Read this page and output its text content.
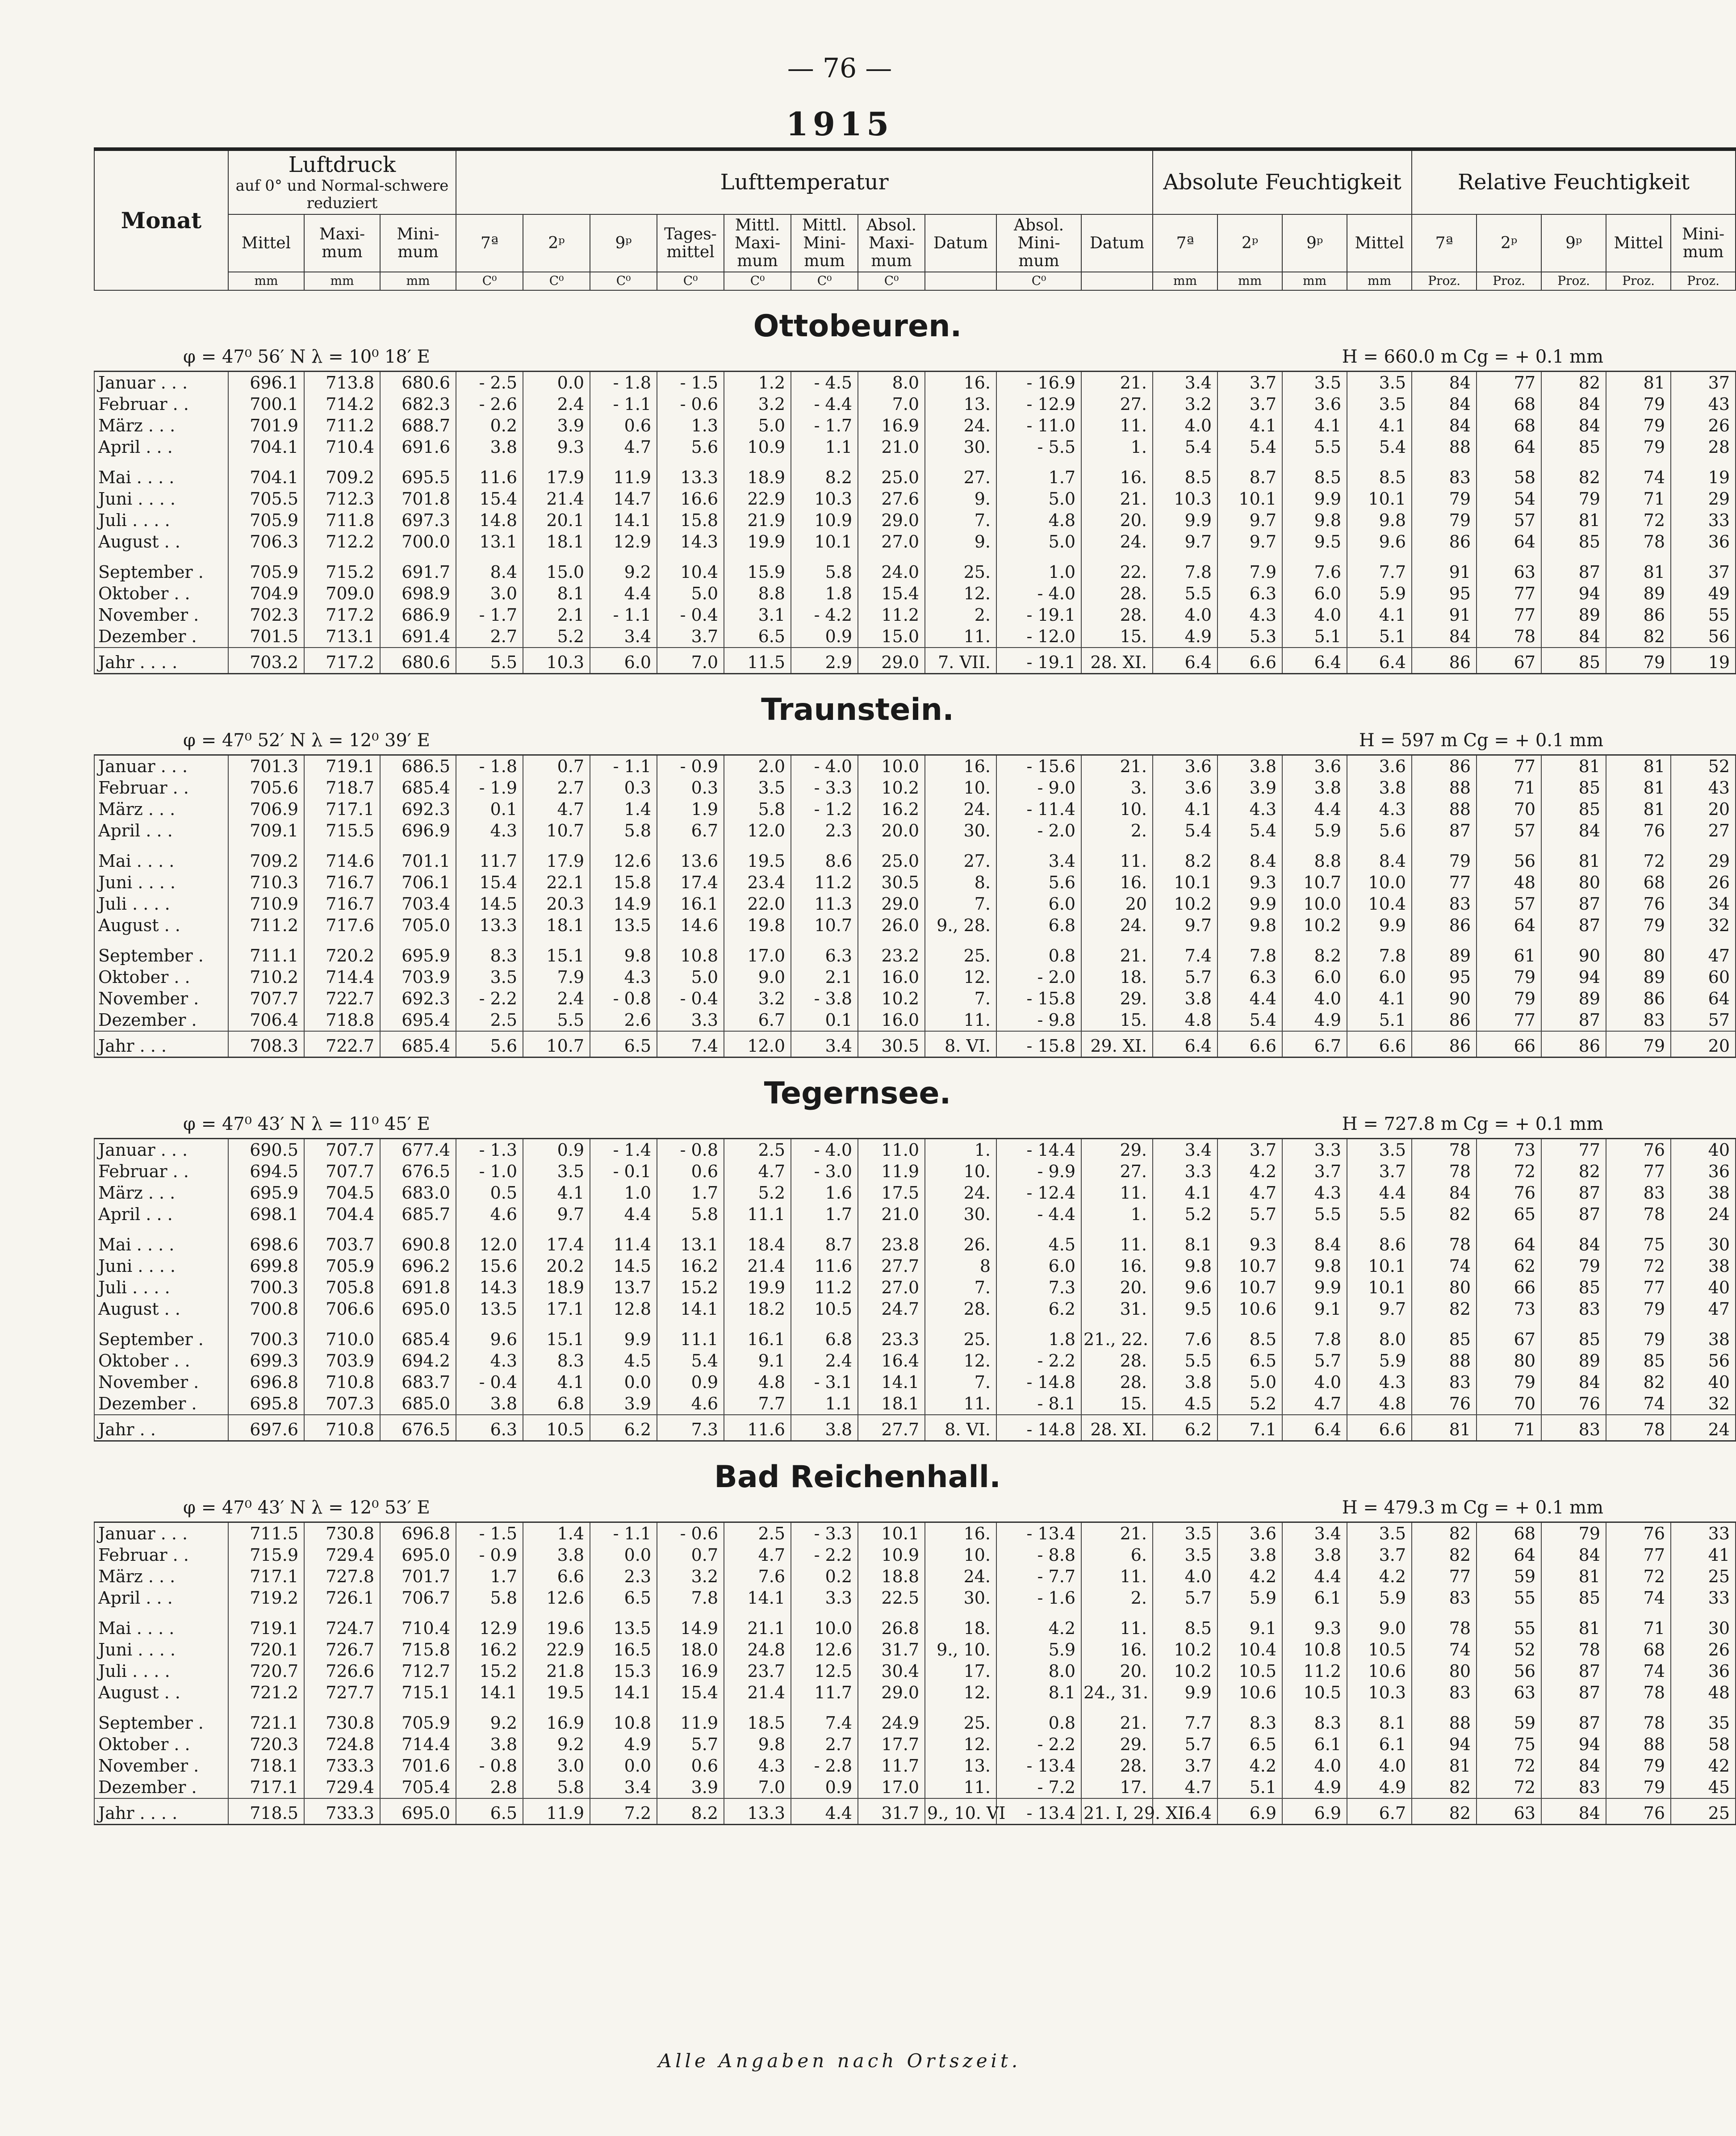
— 76 —
1915
Monat	Luftdruck
auf 0° und Normal-schwere reduziert			Lufttemperatur										Absolute Feuchtigkeit				Relative Feuchtigkeit				
	Mittel	Maxi-mum	Mini-mum	7ª	2ᵖ	9ᵖ	Tages-mittel	Mittl. Maxi-mum	Mittl. Mini-mum	Absol. Maxi-mum	Datum	Absol. Mini-mum	Datum	7ª	2ᵖ	9ᵖ	Mittel	7ª	2ᵖ	9ᵖ	Mittel	Mini-mum
	mm	mm	mm	C⁰	C⁰	C⁰	C⁰	C⁰	C⁰	C⁰		C⁰		mm	mm	mm	mm	Proz.	Proz.	Proz.	Proz.	Proz.
Ottobeuren.
φ = 47⁰ 56′ N λ = 10⁰ 18′ E	H = 660.0 m Cg = + 0.1 mm
Januar . . .	696.1	713.8	680.6	- 2.5	0.0	- 1.8	- 1.5	1.2	- 4.5	8.0	16.	- 16.9	21.	3.4	3.7	3.5	3.5	84	77	82	81	37
Februar . .	700.1	714.2	682.3	- 2.6	2.4	- 1.1	- 0.6	3.2	- 4.4	7.0	13.	- 12.9	27.	3.2	3.7	3.6	3.5	84	68	84	79	43
März . . .	701.9	711.2	688.7	0.2	3.9	0.6	1.3	5.0	- 1.7	16.9	24.	- 11.0	11.	4.0	4.1	4.1	4.1	84	68	84	79	26
April . . .	704.1	710.4	691.6	3.8	9.3	4.7	5.6	10.9	1.1	21.0	30.	- 5.5	1.	5.4	5.4	5.5	5.4	88	64	85	79	28
Mai . . . .	704.1	709.2	695.5	11.6	17.9	11.9	13.3	18.9	8.2	25.0	27.	1.7	16.	8.5	8.7	8.5	8.5	83	58	82	74	19
Juni . . . .	705.5	712.3	701.8	15.4	21.4	14.7	16.6	22.9	10.3	27.6	9.	5.0	21.	10.3	10.1	9.9	10.1	79	54	79	71	29
Juli . . . .	705.9	711.8	697.3	14.8	20.1	14.1	15.8	21.9	10.9	29.0	7.	4.8	20.	9.9	9.7	9.8	9.8	79	57	81	72	33
August . .	706.3	712.2	700.0	13.1	18.1	12.9	14.3	19.9	10.1	27.0	9.	5.0	24.	9.7	9.7	9.5	9.6	86	64	85	78	36
September .	705.9	715.2	691.7	8.4	15.0	9.2	10.4	15.9	5.8	24.0	25.	1.0	22.	7.8	7.9	7.6	7.7	91	63	87	81	37
Oktober . .	704.9	709.0	698.9	3.0	8.1	4.4	5.0	8.8	1.8	15.4	12.	- 4.0	28.	5.5	6.3	6.0	5.9	95	77	94	89	49
November .	702.3	717.2	686.9	- 1.7	2.1	- 1.1	- 0.4	3.1	- 4.2	11.2	2.	- 19.1	28.	4.0	4.3	4.0	4.1	91	77	89	86	55
Dezember .	701.5	713.1	691.4	2.7	5.2	3.4	3.7	6.5	0.9	15.0	11.	- 12.0	15.	4.9	5.3	5.1	5.1	84	78	84	82	56
Jahr . . . .	703.2	717.2	680.6	5.5	10.3	6.0	7.0	11.5	2.9	29.0	7. VII.	- 19.1	28. XI.	6.4	6.6	6.4	6.4	86	67	85	79	19
Traunstein.
φ = 47⁰ 52′ N λ = 12⁰ 39′ E	H = 597 m Cg = + 0.1 mm
Januar . . .	701.3	719.1	686.5	- 1.8	0.7	- 1.1	- 0.9	2.0	- 4.0	10.0	16.	- 15.6	21.	3.6	3.8	3.6	3.6	86	77	81	81	52
Februar . .	705.6	718.7	685.4	- 1.9	2.7	0.3	0.3	3.5	- 3.3	10.2	10.	- 9.0	3.	3.6	3.9	3.8	3.8	88	71	85	81	43
März . . .	706.9	717.1	692.3	0.1	4.7	1.4	1.9	5.8	- 1.2	16.2	24.	- 11.4	10.	4.1	4.3	4.4	4.3	88	70	85	81	20
April . . .	709.1	715.5	696.9	4.3	10.7	5.8	6.7	12.0	2.3	20.0	30.	- 2.0	2.	5.4	5.4	5.9	5.6	87	57	84	76	27
Mai . . . .	709.2	714.6	701.1	11.7	17.9	12.6	13.6	19.5	8.6	25.0	27.	3.4	11.	8.2	8.4	8.8	8.4	79	56	81	72	29
Juni . . . .	710.3	716.7	706.1	15.4	22.1	15.8	17.4	23.4	11.2	30.5	8.	5.6	16.	10.1	9.3	10.7	10.0	77	48	80	68	26
Juli . . . .	710.9	716.7	703.4	14.5	20.3	14.9	16.1	22.0	11.3	29.0	7.	6.0	20	10.2	9.9	10.0	10.4	83	57	87	76	34
August . .	711.2	717.6	705.0	13.3	18.1	13.5	14.6	19.8	10.7	26.0	9., 28.	6.8	24.	9.7	9.8	10.2	9.9	86	64	87	79	32
September .	711.1	720.2	695.9	8.3	15.1	9.8	10.8	17.0	6.3	23.2	25.	0.8	21.	7.4	7.8	8.2	7.8	89	61	90	80	47
Oktober . .	710.2	714.4	703.9	3.5	7.9	4.3	5.0	9.0	2.1	16.0	12.	- 2.0	18.	5.7	6.3	6.0	6.0	95	79	94	89	60
November .	707.7	722.7	692.3	- 2.2	2.4	- 0.8	- 0.4	3.2	- 3.8	10.2	7.	- 15.8	29.	3.8	4.4	4.0	4.1	90	79	89	86	64
Dezember .	706.4	718.8	695.4	2.5	5.5	2.6	3.3	6.7	0.1	16.0	11.	- 9.8	15.	4.8	5.4	4.9	5.1	86	77	87	83	57
Jahr . . .	708.3	722.7	685.4	5.6	10.7	6.5	7.4	12.0	3.4	30.5	8. VI.	- 15.8	29. XI.	6.4	6.6	6.7	6.6	86	66	86	79	20
Tegernsee.
φ = 47⁰ 43′ N λ = 11⁰ 45′ E	H = 727.8 m Cg = + 0.1 mm
Januar . . .	690.5	707.7	677.4	- 1.3	0.9	- 1.4	- 0.8	2.5	- 4.0	11.0	1.	- 14.4	29.	3.4	3.7	3.3	3.5	78	73	77	76	40
Februar . .	694.5	707.7	676.5	- 1.0	3.5	- 0.1	0.6	4.7	- 3.0	11.9	10.	- 9.9	27.	3.3	4.2	3.7	3.7	78	72	82	77	36
März . . .	695.9	704.5	683.0	0.5	4.1	1.0	1.7	5.2	1.6	17.5	24.	- 12.4	11.	4.1	4.7	4.3	4.4	84	76	87	83	38
April . . .	698.1	704.4	685.7	4.6	9.7	4.4	5.8	11.1	1.7	21.0	30.	- 4.4	1.	5.2	5.7	5.5	5.5	82	65	87	78	24
Mai . . . .	698.6	703.7	690.8	12.0	17.4	11.4	13.1	18.4	8.7	23.8	26.	4.5	11.	8.1	9.3	8.4	8.6	78	64	84	75	30
Juni . . . .	699.8	705.9	696.2	15.6	20.2	14.5	16.2	21.4	11.6	27.7	8	6.0	16.	9.8	10.7	9.8	10.1	74	62	79	72	38
Juli . . . .	700.3	705.8	691.8	14.3	18.9	13.7	15.2	19.9	11.2	27.0	7.	7.3	20.	9.6	10.7	9.9	10.1	80	66	85	77	40
August . .	700.8	706.6	695.0	13.5	17.1	12.8	14.1	18.2	10.5	24.7	28.	6.2	31.	9.5	10.6	9.1	9.7	82	73	83	79	47
September .	700.3	710.0	685.4	9.6	15.1	9.9	11.1	16.1	6.8	23.3	25.	1.8	21., 22.	7.6	8.5	7.8	8.0	85	67	85	79	38
Oktober . .	699.3	703.9	694.2	4.3	8.3	4.5	5.4	9.1	2.4	16.4	12.	- 2.2	28.	5.5	6.5	5.7	5.9	88	80	89	85	56
November .	696.8	710.8	683.7	- 0.4	4.1	0.0	0.9	4.8	- 3.1	14.1	7.	- 14.8	28.	3.8	5.0	4.0	4.3	83	79	84	82	40
Dezember .	695.8	707.3	685.0	3.8	6.8	3.9	4.6	7.7	1.1	18.1	11.	- 8.1	15.	4.5	5.2	4.7	4.8	76	70	76	74	32
Jahr . .	697.6	710.8	676.5	6.3	10.5	6.2	7.3	11.6	3.8	27.7	8. VI.	- 14.8	28. XI.	6.2	7.1	6.4	6.6	81	71	83	78	24
Bad Reichenhall.
φ = 47⁰ 43′ N λ = 12⁰ 53′ E	H = 479.3 m Cg = + 0.1 mm
Januar . . .	711.5	730.8	696.8	- 1.5	1.4	- 1.1	- 0.6	2.5	- 3.3	10.1	16.	- 13.4	21.	3.5	3.6	3.4	3.5	82	68	79	76	33
Februar . .	715.9	729.4	695.0	- 0.9	3.8	0.0	0.7	4.7	- 2.2	10.9	10.	- 8.8	6.	3.5	3.8	3.8	3.7	82	64	84	77	41
März . . .	717.1	727.8	701.7	1.7	6.6	2.3	3.2	7.6	0.2	18.8	24.	- 7.7	11.	4.0	4.2	4.4	4.2	77	59	81	72	25
April . . .	719.2	726.1	706.7	5.8	12.6	6.5	7.8	14.1	3.3	22.5	30.	- 1.6	2.	5.7	5.9	6.1	5.9	83	55	85	74	33
Mai . . . .	719.1	724.7	710.4	12.9	19.6	13.5	14.9	21.1	10.0	26.8	18.	4.2	11.	8.5	9.1	9.3	9.0	78	55	81	71	30
Juni . . . .	720.1	726.7	715.8	16.2	22.9	16.5	18.0	24.8	12.6	31.7	9., 10.	5.9	16.	10.2	10.4	10.8	10.5	74	52	78	68	26
Juli . . . .	720.7	726.6	712.7	15.2	21.8	15.3	16.9	23.7	12.5	30.4	17.	8.0	20.	10.2	10.5	11.2	10.6	80	56	87	74	36
August . .	721.2	727.7	715.1	14.1	19.5	14.1	15.4	21.4	11.7	29.0	12.	8.1	24., 31.	9.9	10.6	10.5	10.3	83	63	87	78	48
September .	721.1	730.8	705.9	9.2	16.9	10.8	11.9	18.5	7.4	24.9	25.	0.8	21.	7.7	8.3	8.3	8.1	88	59	87	78	35
Oktober . .	720.3	724.8	714.4	3.8	9.2	4.9	5.7	9.8	2.7	17.7	12.	- 2.2	29.	5.7	6.5	6.1	6.1	94	75	94	88	58
November .	718.1	733.3	701.6	- 0.8	3.0	0.0	0.6	4.3	- 2.8	11.7	13.	- 13.4	28.	3.7	4.2	4.0	4.0	81	72	84	79	42
Dezember .	717.1	729.4	705.4	2.8	5.8	3.4	3.9	7.0	0.9	17.0	11.	- 7.2	17.	4.7	5.1	4.9	4.9	82	72	83	79	45
Jahr . . . .	718.5	733.3	695.0	6.5	11.9	7.2	8.2	13.3	4.4	31.7	9., 10. VI	- 13.4	21. I, 29. XI.	6.4	6.9	6.9	6.7	82	63	84	76	25
Alle Angaben nach Ortszeit.
